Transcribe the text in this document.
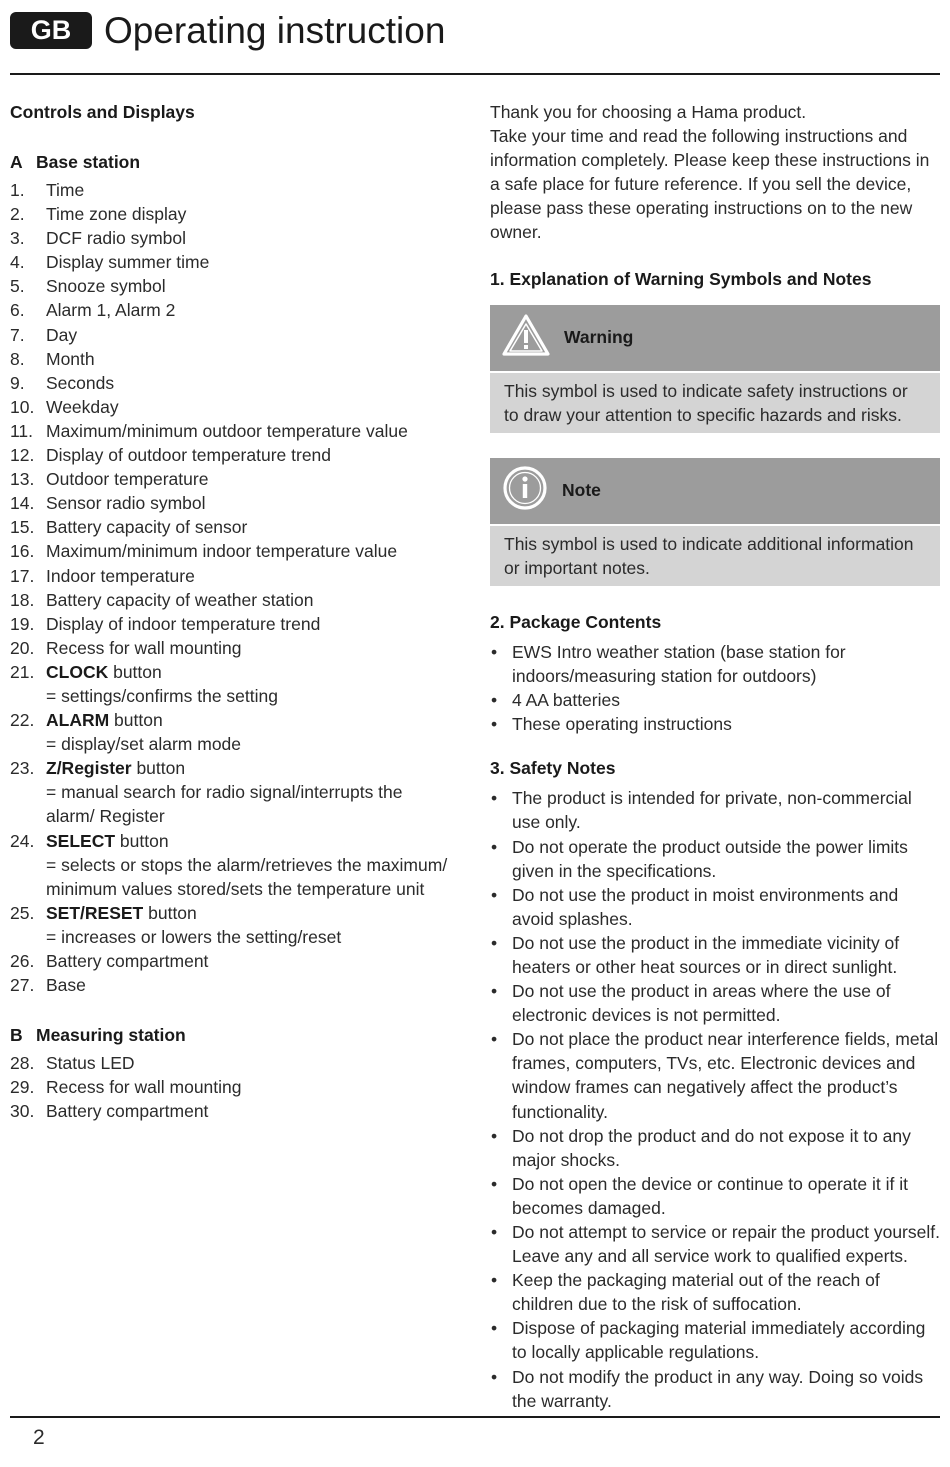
GB Operating instruction
Controls and Displays
A Base station
1.	Time
2.	Time zone display
3.	DCF radio symbol
4.	Display summer time
5.	Snooze symbol
6.	Alarm 1, Alarm 2
7.	Day
8.	Month
9.	Seconds
10. Weekday
11. Maximum/minimum outdoor temperature value
12. Display of outdoor temperature trend
13. Outdoor temperature
14. Sensor radio symbol
15. Battery capacity of sensor
16. Maximum/minimum indoor temperature value
17. Indoor temperature
18. Battery capacity of weather station
19. Display of indoor temperature trend
20. Recess for wall mounting
21. CLOCK button
= settings/confirms the setting
22. ALARM button
= display/set alarm mode
23. Z/Register button
= manual search for radio signal/interrupts the alarm/ Register
24. SELECT button
= selects or stops the alarm/retrieves the maximum/ minimum values stored/sets the temperature unit
25. SET/RESET button
= increases or lowers the setting/reset
26. Battery compartment
27. Base
B Measuring station
28. Status LED
29. Recess for wall mounting
30. Battery compartment

Thank you for choosing a Hama product.

Take your time and read the following instructions and information completely. Please keep these instructions in a safe place for future reference. If you sell the device, please pass these operating instructions on to the new owner.

1. Explanation of Warning Symbols and Notes
Warning
This symbol is used to indicate safety instructions or to draw your attention to specific hazards and risks.
Note
This symbol is used to indicate additional information or important notes.
2. Package Contents
• EWS Intro weather station (base station for indoors/measuring station for outdoors)
• 4 AA batteries
• These operating instructions
3. Safety Notes
• The product is intended for private, non-commercial use only.
• Do not operate the product outside the power limits given in the specifications.
• Do not use the product in moist environments and avoid splashes.
• Do not use the product in the immediate vicinity of heaters or other heat sources or in direct sunlight.
• Do not use the product in areas where the use of electronic devices is not permitted.
• Do not place the product near interference fields, metal frames, computers, TVs, etc. Electronic devices and window frames can negatively affect the product’s functionality.
• Do not drop the product and do not expose it to any major shocks.
• Do not open the device or continue to operate it if it becomes damaged.
• Do not attempt to service or repair the product yourself. Leave any and all service work to qualified experts.
• Keep the packaging material out of the reach of children due to the risk of suffocation.
• Dispose of packaging material immediately according to locally applicable regulations.
• Do not modify the product in any way. Doing so voids the warranty.
2
